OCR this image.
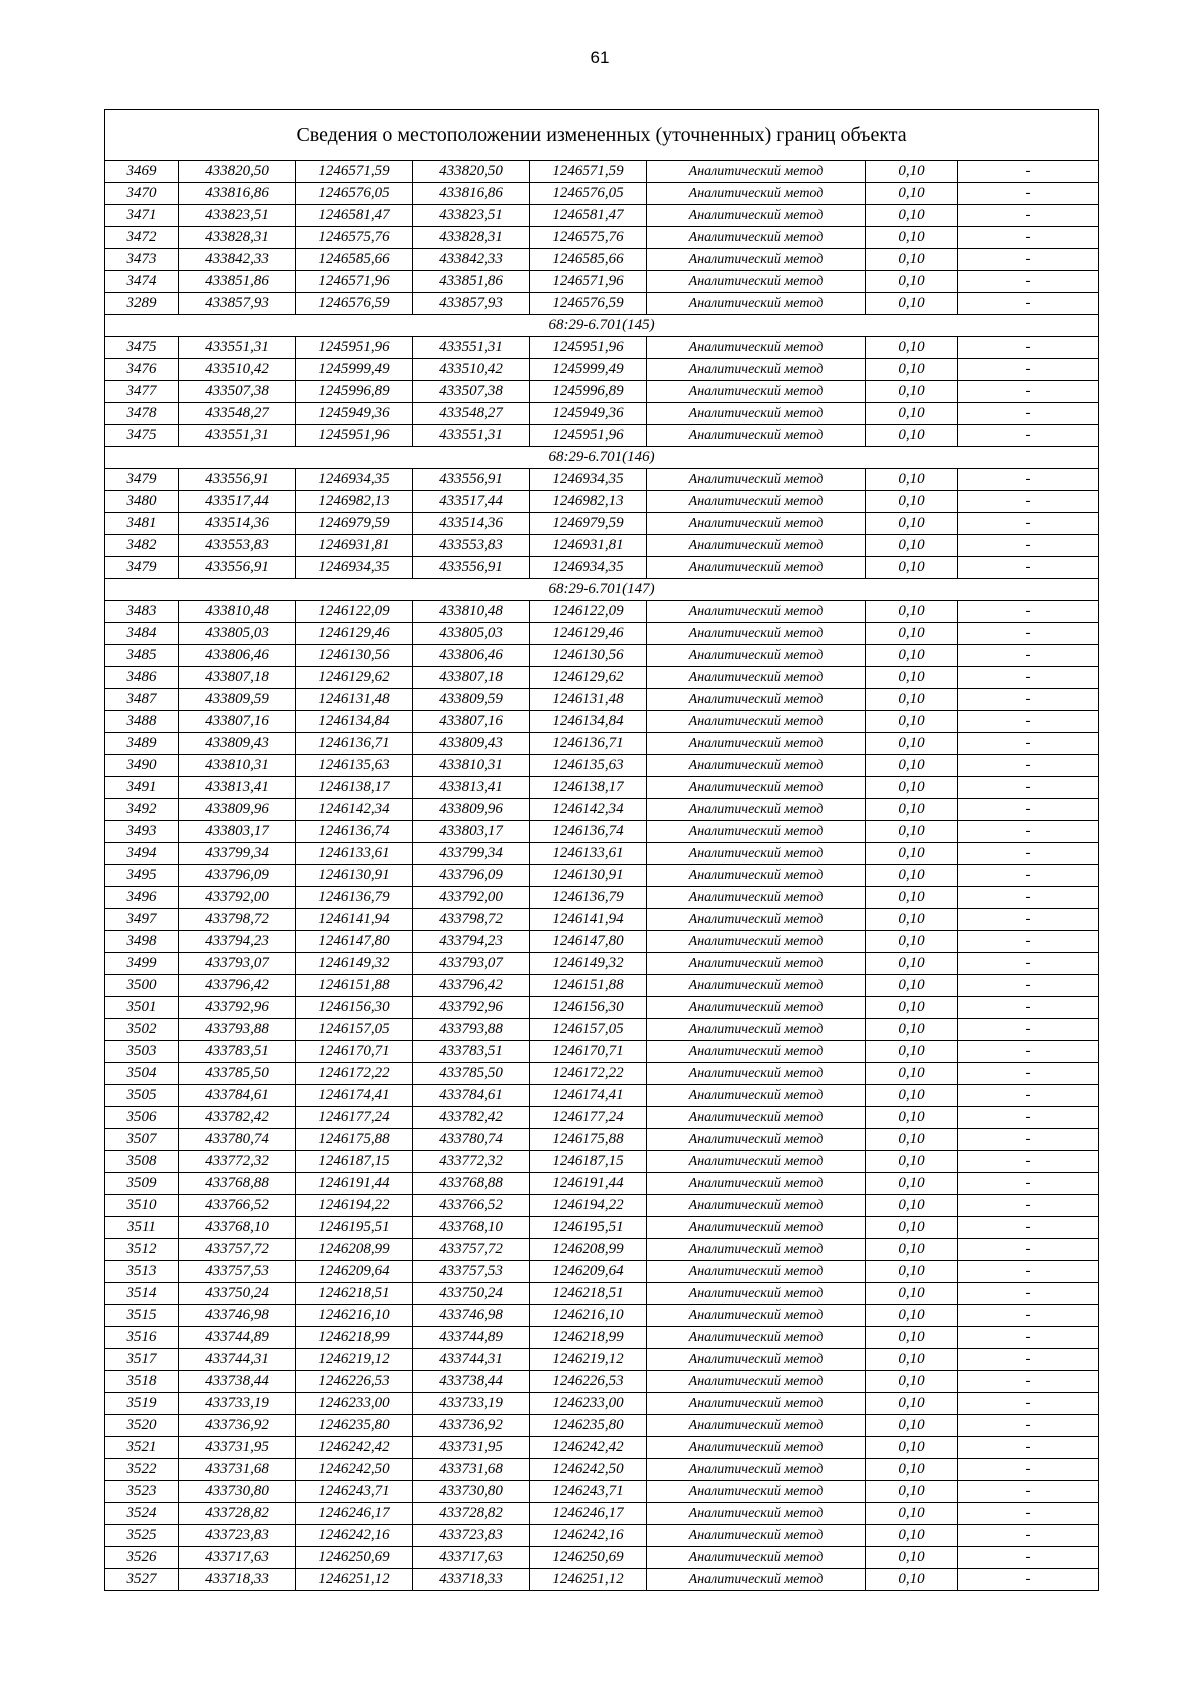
61
Сведения о местоположении измененных (уточненных) границ объекта							
3469	433820,50	1246571,59	433820,50	1246571,59	Аналитический метод	0,10	-
3470	433816,86	1246576,05	433816,86	1246576,05	Аналитический метод	0,10	-
3471	433823,51	1246581,47	433823,51	1246581,47	Аналитический метод	0,10	-
3472	433828,31	1246575,76	433828,31	1246575,76	Аналитический метод	0,10	-
3473	433842,33	1246585,66	433842,33	1246585,66	Аналитический метод	0,10	-
3474	433851,86	1246571,96	433851,86	1246571,96	Аналитический метод	0,10	-
3289	433857,93	1246576,59	433857,93	1246576,59	Аналитический метод	0,10	-
68:29-6.701(145)							
3475	433551,31	1245951,96	433551,31	1245951,96	Аналитический метод	0,10	-
3476	433510,42	1245999,49	433510,42	1245999,49	Аналитический метод	0,10	-
3477	433507,38	1245996,89	433507,38	1245996,89	Аналитический метод	0,10	-
3478	433548,27	1245949,36	433548,27	1245949,36	Аналитический метод	0,10	-
3475	433551,31	1245951,96	433551,31	1245951,96	Аналитический метод	0,10	-
68:29-6.701(146)							
3479	433556,91	1246934,35	433556,91	1246934,35	Аналитический метод	0,10	-
3480	433517,44	1246982,13	433517,44	1246982,13	Аналитический метод	0,10	-
3481	433514,36	1246979,59	433514,36	1246979,59	Аналитический метод	0,10	-
3482	433553,83	1246931,81	433553,83	1246931,81	Аналитический метод	0,10	-
3479	433556,91	1246934,35	433556,91	1246934,35	Аналитический метод	0,10	-
68:29-6.701(147)							
3483	433810,48	1246122,09	433810,48	1246122,09	Аналитический метод	0,10	-
3484	433805,03	1246129,46	433805,03	1246129,46	Аналитический метод	0,10	-
3485	433806,46	1246130,56	433806,46	1246130,56	Аналитический метод	0,10	-
3486	433807,18	1246129,62	433807,18	1246129,62	Аналитический метод	0,10	-
3487	433809,59	1246131,48	433809,59	1246131,48	Аналитический метод	0,10	-
3488	433807,16	1246134,84	433807,16	1246134,84	Аналитический метод	0,10	-
3489	433809,43	1246136,71	433809,43	1246136,71	Аналитический метод	0,10	-
3490	433810,31	1246135,63	433810,31	1246135,63	Аналитический метод	0,10	-
3491	433813,41	1246138,17	433813,41	1246138,17	Аналитический метод	0,10	-
3492	433809,96	1246142,34	433809,96	1246142,34	Аналитический метод	0,10	-
3493	433803,17	1246136,74	433803,17	1246136,74	Аналитический метод	0,10	-
3494	433799,34	1246133,61	433799,34	1246133,61	Аналитический метод	0,10	-
3495	433796,09	1246130,91	433796,09	1246130,91	Аналитический метод	0,10	-
3496	433792,00	1246136,79	433792,00	1246136,79	Аналитический метод	0,10	-
3497	433798,72	1246141,94	433798,72	1246141,94	Аналитический метод	0,10	-
3498	433794,23	1246147,80	433794,23	1246147,80	Аналитический метод	0,10	-
3499	433793,07	1246149,32	433793,07	1246149,32	Аналитический метод	0,10	-
3500	433796,42	1246151,88	433796,42	1246151,88	Аналитический метод	0,10	-
3501	433792,96	1246156,30	433792,96	1246156,30	Аналитический метод	0,10	-
3502	433793,88	1246157,05	433793,88	1246157,05	Аналитический метод	0,10	-
3503	433783,51	1246170,71	433783,51	1246170,71	Аналитический метод	0,10	-
3504	433785,50	1246172,22	433785,50	1246172,22	Аналитический метод	0,10	-
3505	433784,61	1246174,41	433784,61	1246174,41	Аналитический метод	0,10	-
3506	433782,42	1246177,24	433782,42	1246177,24	Аналитический метод	0,10	-
3507	433780,74	1246175,88	433780,74	1246175,88	Аналитический метод	0,10	-
3508	433772,32	1246187,15	433772,32	1246187,15	Аналитический метод	0,10	-
3509	433768,88	1246191,44	433768,88	1246191,44	Аналитический метод	0,10	-
3510	433766,52	1246194,22	433766,52	1246194,22	Аналитический метод	0,10	-
3511	433768,10	1246195,51	433768,10	1246195,51	Аналитический метод	0,10	-
3512	433757,72	1246208,99	433757,72	1246208,99	Аналитический метод	0,10	-
3513	433757,53	1246209,64	433757,53	1246209,64	Аналитический метод	0,10	-
3514	433750,24	1246218,51	433750,24	1246218,51	Аналитический метод	0,10	-
3515	433746,98	1246216,10	433746,98	1246216,10	Аналитический метод	0,10	-
3516	433744,89	1246218,99	433744,89	1246218,99	Аналитический метод	0,10	-
3517	433744,31	1246219,12	433744,31	1246219,12	Аналитический метод	0,10	-
3518	433738,44	1246226,53	433738,44	1246226,53	Аналитический метод	0,10	-
3519	433733,19	1246233,00	433733,19	1246233,00	Аналитический метод	0,10	-
3520	433736,92	1246235,80	433736,92	1246235,80	Аналитический метод	0,10	-
3521	433731,95	1246242,42	433731,95	1246242,42	Аналитический метод	0,10	-
3522	433731,68	1246242,50	433731,68	1246242,50	Аналитический метод	0,10	-
3523	433730,80	1246243,71	433730,80	1246243,71	Аналитический метод	0,10	-
3524	433728,82	1246246,17	433728,82	1246246,17	Аналитический метод	0,10	-
3525	433723,83	1246242,16	433723,83	1246242,16	Аналитический метод	0,10	-
3526	433717,63	1246250,69	433717,63	1246250,69	Аналитический метод	0,10	-
3527	433718,33	1246251,12	433718,33	1246251,12	Аналитический метод	0,10	-
